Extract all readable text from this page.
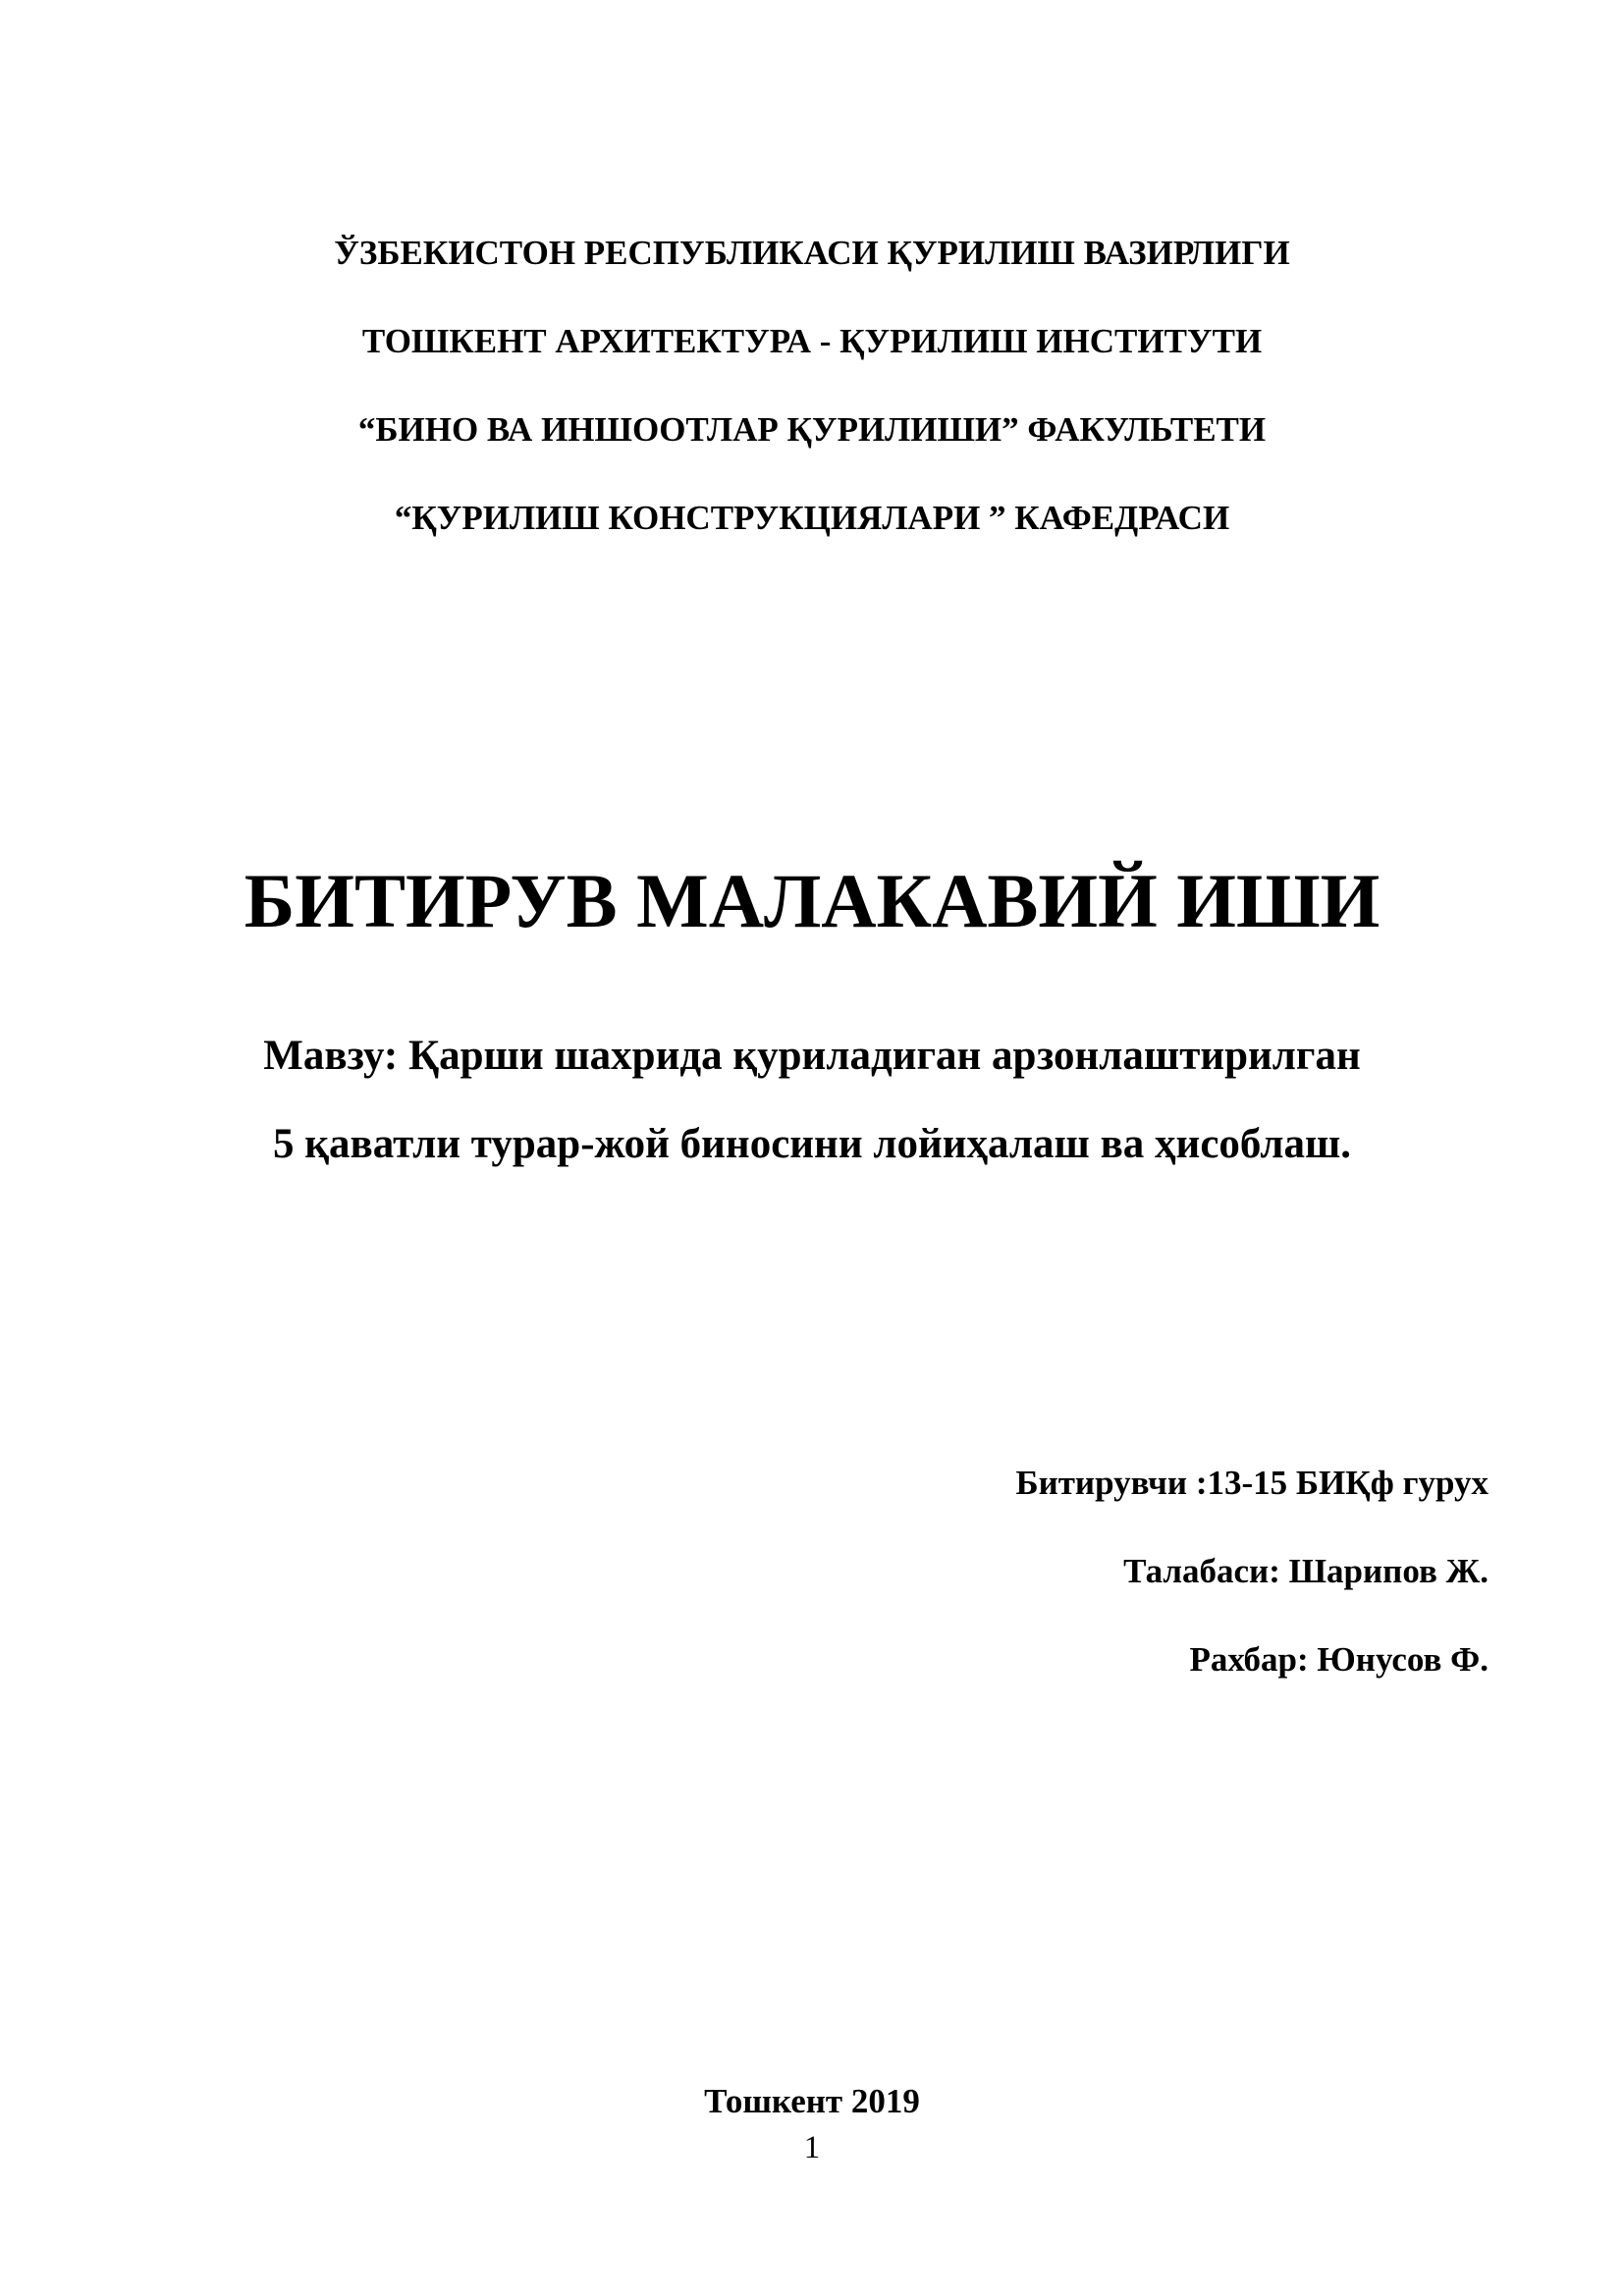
ЎЗБЕКИСТОН РЕСПУБЛИКАСИ ҚУРИЛИШ ВАЗИРЛИГИ
ТОШКЕНТ АРХИТЕКТУРА - ҚУРИЛИШ ИНСТИТУТИ
“БИНО ВА ИНШООТЛАР ҚУРИЛИШИ” ФАКУЛЬТЕТИ
“ҚУРИЛИШ КОНСТРУКЦИЯЛАРИ ” КАФЕДРАСИ
БИТИРУВ МАЛАКАВИЙ ИШИ
Мавзу: Қарши шахрида қуриладиган арзонлаштирилган
5 қаватли турар-жой биносини лойиҳалаш ва ҳисоблаш.
Битирувчи :13-15 БИҚф гурух
Талабаси: Шарипов Ж.
Рахбар: Юнусов Ф.
Тошкент 2019
1
